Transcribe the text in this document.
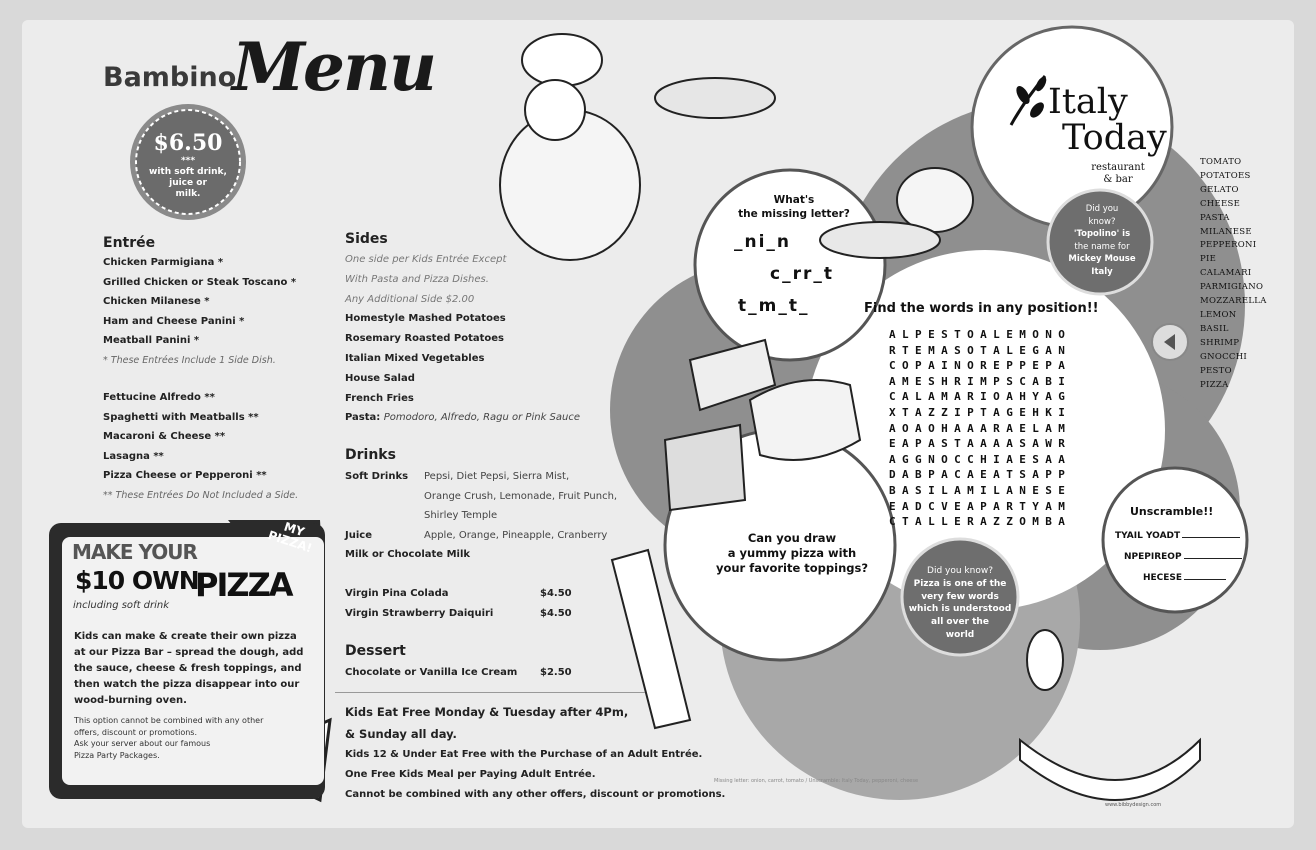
Bambino
Menu
$6.50
***
with soft drink,
juice or
milk.
Entrée
Chicken Parmigiana *
Grilled Chicken or Steak Toscano *
Chicken Milanese *
Ham and Cheese Panini *
Meatball Panini *
* These Entrées Include 1 Side Dish.
Fettucine Alfredo **
Spaghetti with Meatballs **
Macaroni & Cheese **
Lasagna **
Pizza Cheese or Pepperoni **
** These Entrées Do Not Included a Side.
MAKE YOUR
$10 OWN
PIZZA
including soft drink
MY PIZZA!
Kids can make & create their own pizza
at our Pizza Bar – spread the dough, add
the sauce, cheese & fresh toppings, and
then watch the pizza disappear into our
wood-burning oven.
This option cannot be combined with any other
offers, discount or promotions.
Ask your server about our famous
Pizza Party Packages.
Sides
One side per Kids Entrée Except
With Pasta and Pizza Dishes.
Any Additional Side $2.00
Homestyle Mashed Potatoes
Rosemary Roasted Potatoes
Italian Mixed Vegetables
House Salad
French Fries
Pasta: Pomodoro, Alfredo, Ragu or Pink Sauce
Drinks
Soft Drinks Pepsi, Diet Pepsi, Sierra Mist,
Orange Crush, Lemonade, Fruit Punch,
Shirley Temple
Juice	Apple, Orange, Pineapple, Cranberry
Milk or Chocolate Milk
Virgin Pina Colada	$4.50
Virgin Strawberry Daiquiri	$4.50
Dessert
Chocolate or Vanilla Ice Cream $2.50
Kids Eat Free Monday & Tuesday after 4Pm,
& Sunday all day.
Kids 12 & Under Eat Free with the Purchase of an Adult Entrée.
One Free Kids Meal per Paying Adult Entrée.
Cannot be combined with any other offers, discount or promotions.
What's
the missing letter?
_ni_n
c_rr_t
t_m_t_
Can you draw
a yummy pizza with
your favorite toppings?
Find the words in any position!!
ALPESTOALEMONO
RTEMASOTALEGAN
COPAINOREPPEPA
AMESHRIMPSCABI
CALAMARIOAHYAG
XTAZZIPTAGEHKI
AOAOHAAARAELAM
EAPASTAAAASAWR
AGGNOCCHIAESAA
DABPACAEATSAPP
BASILAMILANESE
EADCVEAPARTYAM
CTALLERAZZOMBA
Italy
Today
restaurant
& bar
Did you
know?
'Topolino' is
the name for
Mickey Mouse
Italy
Did you know?
Pizza is one of the
very few words
which is understood
all over the
world
TOMATO
POTATOES
GELATO
CHEESE
PASTA
MILANESE
PEPPERONI
PIE
CALAMARI
PARMIGIANO
MOZZARELLA
LEMON
BASIL
SHRIMP
GNOCCHI
PESTO
PIZZA
Unscramble!!
TYAIL YOADT
NPEPIREOP
HECESE
Missing letter: onion, carrot, tomato / Unscramble: Italy Today, pepperoni, cheese
www.bibbydesign.com
